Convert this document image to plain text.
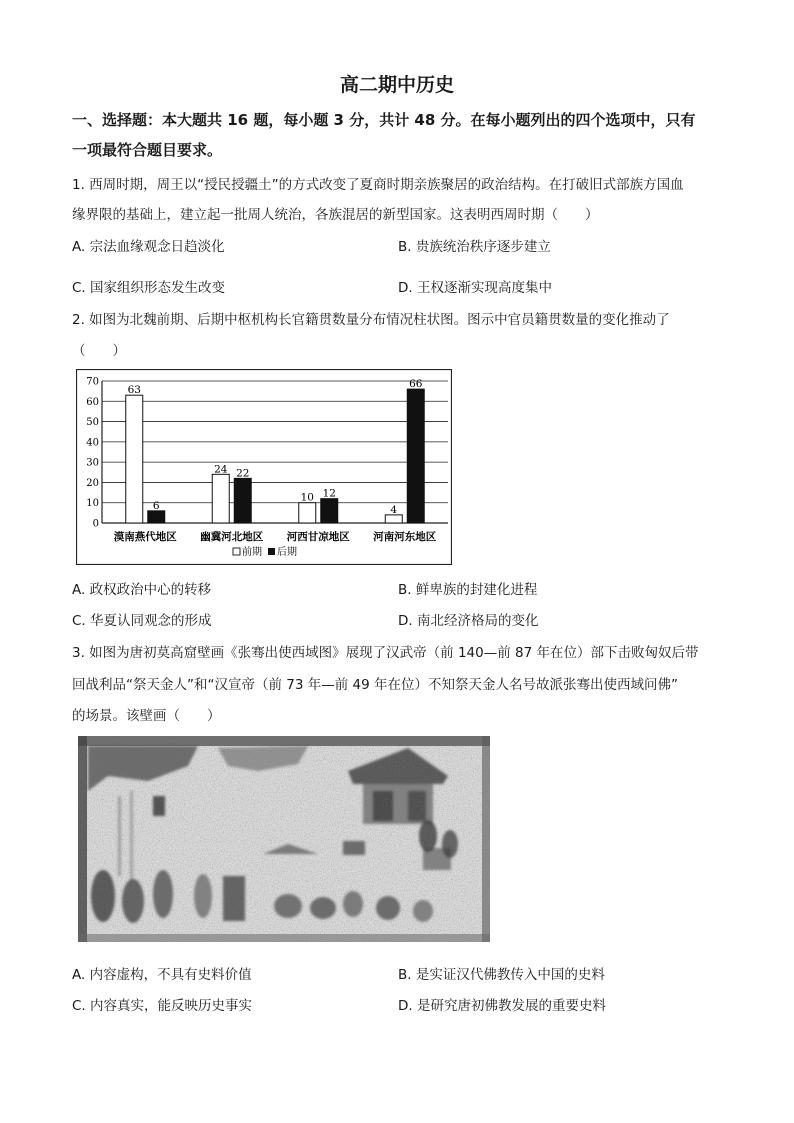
高二期中历史
一、选择题：本大题共 16 题，每小题 3 分，共计 48 分。在每小题列出的四个选项中，只有
一项最符合题目要求。
1. 西周时期，周王以“授民授疆土”的方式改变了夏商时期亲族聚居的政治结构。在打破旧式部族方国血
缘界限的基础上，建立起一批周人统治，各族混居的新型国家。这表明西周时期（　　）
A. 宗法血缘观念日趋淡化	B. 贵族统治秩序逐步建立
C. 国家组织形态发生改变	D. 王权逐渐实现高度集中
2. 如图为北魏前期、后期中枢机构长官籍贯数量分布情况柱状图。图示中官员籍贯数量的变化推动了
（　　）
0
10
20
30
40
50
60
70
63
6
漠南燕代地区
24 22
幽冀河北地区
10 12
河西甘凉地区
4
66
河南河东地区
前期 后期
A. 政权政治中心的转移	B. 鲜卑族的封建化进程
C. 华夏认同观念的形成	D. 南北经济格局的变化
3. 如图为唐初莫高窟壁画《张骞出使西域图》展现了汉武帝（前 140—前 87 年在位）部下击败匈奴后带
回战利品“祭天金人”和“汉宣帝（前 73 年—前 49 年在位）不知祭天金人名号故派张骞出使西域问佛”
的场景。该壁画（　　）
A. 内容虚构，不具有史料价值	B. 是实证汉代佛教传入中国的史料
C. 内容真实，能反映历史事实	D. 是研究唐初佛教发展的重要史料
